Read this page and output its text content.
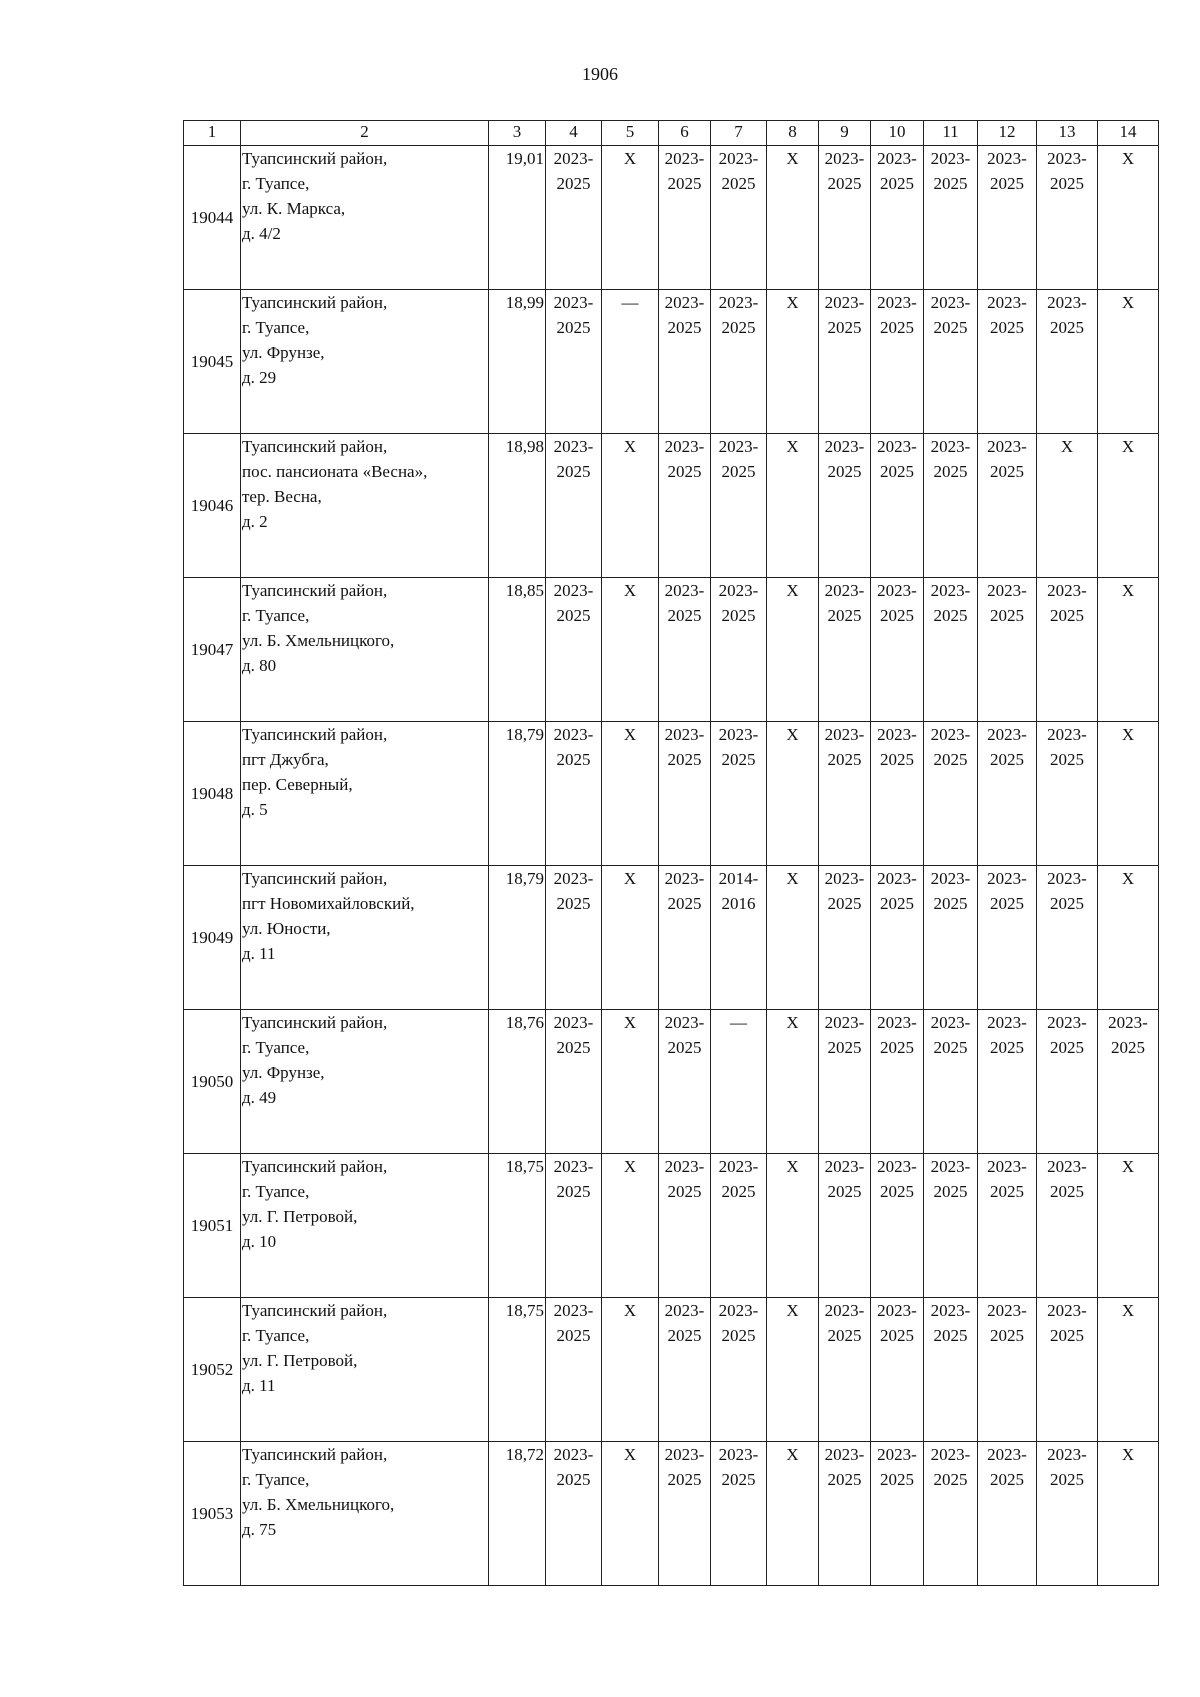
1906
1	2	3	4	5	6	7	8	9	10	11	12	13	14
19044	Туапсинский район,
г. Туапсе,
ул. К. Маркса,
д. 4/2	19,01	2023-
2025	Х	2023-
2025	2023-
2025	Х	2023-
2025	2023-
2025	2023-
2025	2023-
2025	2023-
2025	Х

19045	Туапсинский район,
г. Туапсе,
ул. Фрунзе,
д. 29	18,99	2023-
2025	—	2023-
2025	2023-
2025	Х	2023-
2025	2023-
2025	2023-
2025	2023-
2025	2023-
2025	Х

19046	Туапсинский район,
пос. пансионата «Весна»,
тер. Весна,
д. 2	18,98	2023-
2025	Х	2023-
2025	2023-
2025	Х	2023-
2025	2023-
2025	2023-
2025	2023-
2025	Х	Х

19047	Туапсинский район,
г. Туапсе,
ул. Б. Хмельницкого,
д. 80	18,85	2023-
2025	Х	2023-
2025	2023-
2025	Х	2023-
2025	2023-
2025	2023-
2025	2023-
2025	2023-
2025	Х

19048	Туапсинский район,
пгт Джубга,
пер. Северный,
д. 5	18,79	2023-
2025	Х	2023-
2025	2023-
2025	Х	2023-
2025	2023-
2025	2023-
2025	2023-
2025	2023-
2025	Х

19049	Туапсинский район,
пгт Новомихайловский,
ул. Юности,
д. 11	18,79	2023-
2025	Х	2023-
2025	2014-
2016	Х	2023-
2025	2023-
2025	2023-
2025	2023-
2025	2023-
2025	Х

19050	Туапсинский район,
г. Туапсе,
ул. Фрунзе,
д. 49	18,76	2023-
2025	Х	2023-
2025	—	Х	2023-
2025	2023-
2025	2023-
2025	2023-
2025	2023-
2025	2023-
2025

19051	Туапсинский район,
г. Туапсе,
ул. Г. Петровой,
д. 10	18,75	2023-
2025	Х	2023-
2025	2023-
2025	Х	2023-
2025	2023-
2025	2023-
2025	2023-
2025	2023-
2025	Х

19052	Туапсинский район,
г. Туапсе,
ул. Г. Петровой,
д. 11	18,75	2023-
2025	Х	2023-
2025	2023-
2025	Х	2023-
2025	2023-
2025	2023-
2025	2023-
2025	2023-
2025	Х

19053	Туапсинский район,
г. Туапсе,
ул. Б. Хмельницкого,
д. 75	18,72	2023-
2025	Х	2023-
2025	2023-
2025	Х	2023-
2025	2023-
2025	2023-
2025	2023-
2025	2023-
2025	Х
